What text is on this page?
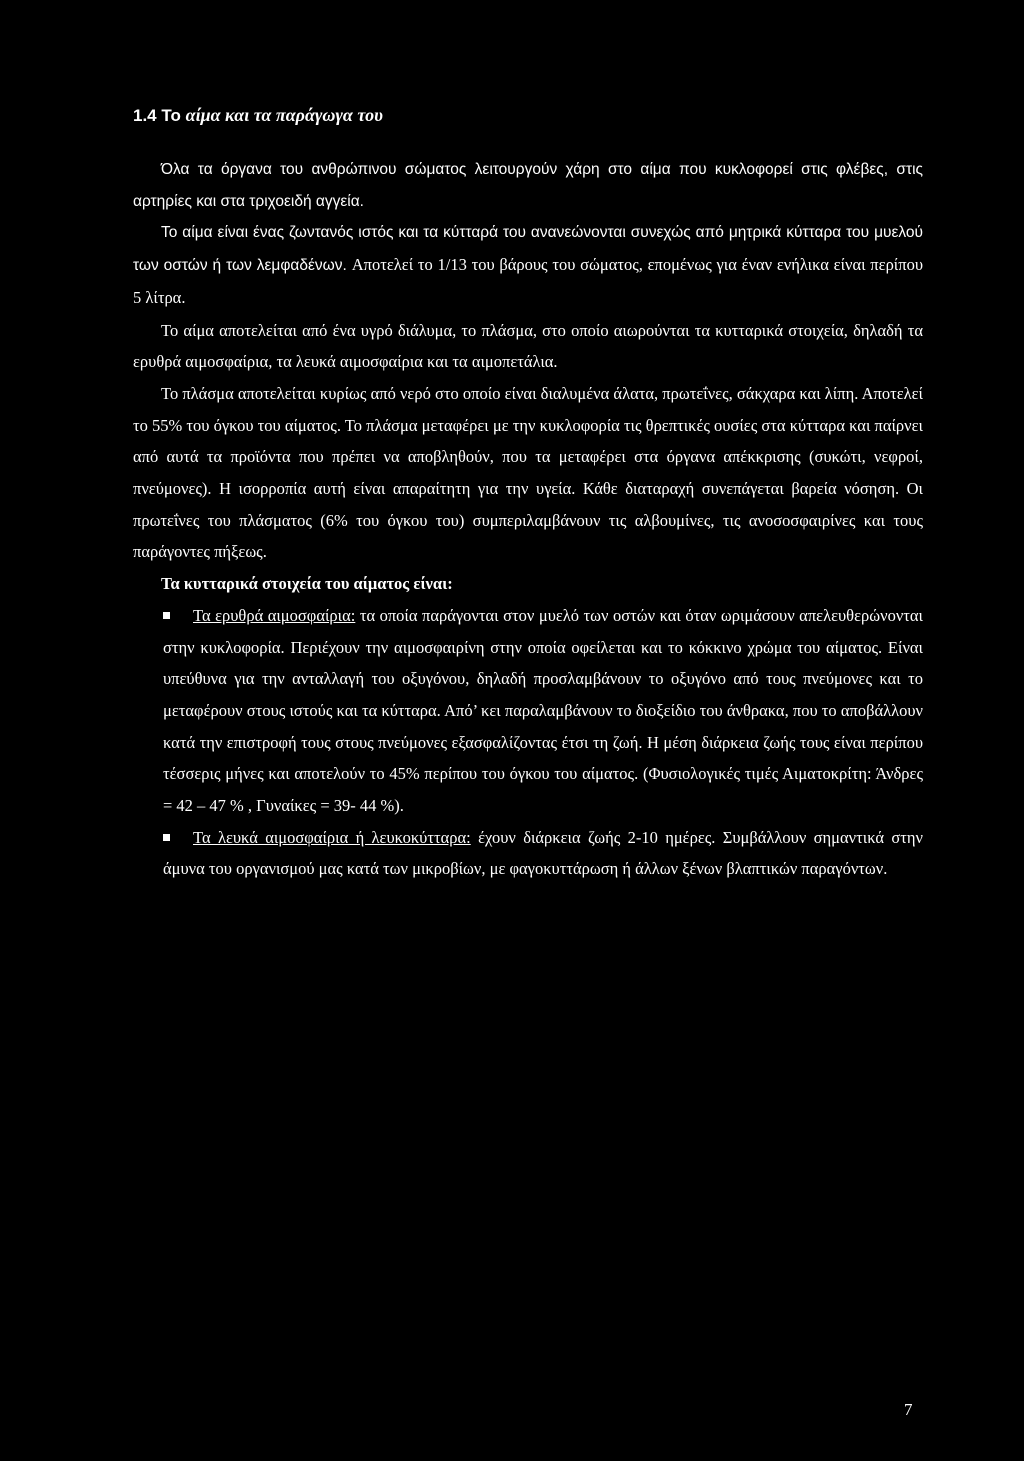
1.4 Το αίμα και τα παράγωγα του

Όλα τα όργανα του ανθρώπινου σώματος λειτουργούν χάρη στο αίμα που κυκλοφορεί στις φλέβες, στις αρτηρίες και στα τριχοειδή αγγεία.

Το αίμα είναι ένας ζωντανός ιστός και τα κύτταρά του ανανεώνονται συνεχώς από μητρικά κύτταρα του μυελού των οστών ή των λεμφαδένων. Αποτελεί το 1/13 του βάρους του σώματος, επομένως για έναν ενήλικα είναι περίπου 5 λίτρα.

Το αίμα αποτελείται από ένα υγρό διάλυμα, το πλάσμα, στο οποίο αιωρούνται τα κυτταρικά στοιχεία, δηλαδή τα ερυθρά αιμοσφαίρια, τα λευκά αιμοσφαίρια και τα αιμοπετάλια.

Το πλάσμα αποτελείται κυρίως από νερό στο οποίο είναι διαλυμένα άλατα, πρωτεΐνες, σάκχαρα και λίπη. Αποτελεί το 55% του όγκου του αίματος. Το πλάσμα μεταφέρει με την κυκλοφορία τις θρεπτικές ουσίες στα κύτταρα και παίρνει από αυτά τα προϊόντα που πρέπει να αποβληθούν, που τα μεταφέρει στα όργανα απέκκρισης (συκώτι, νεφροί, πνεύμονες). Η ισορροπία αυτή είναι απαραίτητη για την υγεία. Κάθε διαταραχή συνεπάγεται βαρεία νόσηση. Οι πρωτεΐνες του πλάσματος (6% του όγκου του) συμπεριλαμβάνουν τις αλβουμίνες, τις ανοσοσφαιρίνες και τους παράγοντες πήξεως.

Τα κυτταρικά στοιχεία του αίματος είναι:
Τα ερυθρά αιμοσφαίρια: τα οποία παράγονται στον μυελό των οστών και όταν ωριμάσουν απελευθερώνονται στην κυκλοφορία. Περιέχουν την αιμοσφαιρίνη στην οποία οφείλεται και το κόκκινο χρώμα του αίματος. Είναι υπεύθυνα για την ανταλλαγή του οξυγόνου, δηλαδή προσλαμβάνουν το οξυγόνο από τους πνεύμονες και το μεταφέρουν στους ιστούς και τα κύτταρα. Από’ κει παραλαμβάνουν το διοξείδιο του άνθρακα, που το αποβάλλουν κατά την επιστροφή τους στους πνεύμονες εξασφαλίζοντας έτσι τη ζωή. Η μέση διάρκεια ζωής τους είναι περίπου τέσσερις μήνες και αποτελούν το 45% περίπου του όγκου του αίματος. (Φυσιολογικές τιμές Αιματοκρίτη: Άνδρες = 42 – 47 % , Γυναίκες = 39- 44 %).
Τα λευκά αιμοσφαίρια ή λευκοκύτταρα: έχουν διάρκεια ζωής 2-10 ημέρες. Συμβάλλουν σημαντικά στην άμυνα του οργανισμού μας κατά των μικροβίων, με φαγοκυττάρωση ή άλλων ξένων βλαπτικών παραγόντων.
7
